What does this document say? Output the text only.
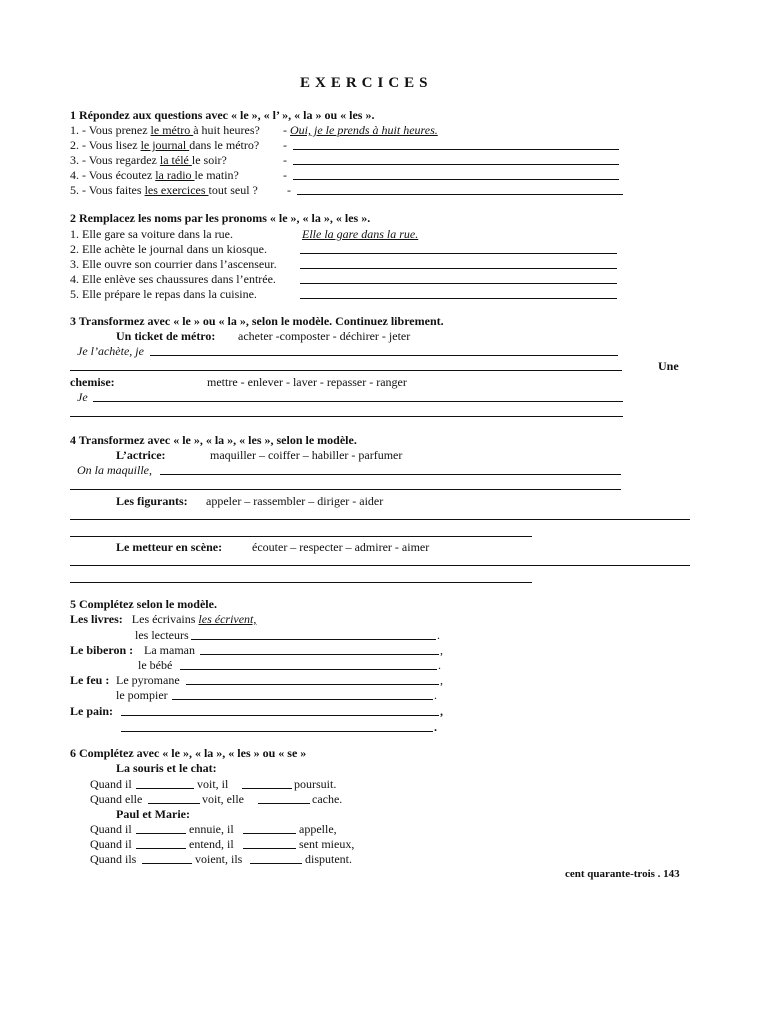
EXERCICES
1 Répondez aux questions avec « le », « l’ », « la » ou « les ».
1. - Vous prenez le métro à huit heures? - Oui, je le prends à huit heures.
2. - Vous lisez le journal dans le métro? -
3. - Vous regardez la télé le soir?	-
4. - Vous écoutez la radio le matin?	-
5. - Vous faites les exercices tout seul ? -
2 Remplacez les noms par les pronoms « le », « la », « les ».
1. Elle gare sa voiture dans la rue.	Elle la gare dans la rue.
2. Elle achète le journal dans un kiosque.
3. Elle ouvre son courrier dans l’ascenseur.
4. Elle enlève ses chaussures dans l’entrée.
5. Elle prépare le repas dans la cuisine.
3 Transformez avec « le » ou « la », selon le modèle. Continuez librement.
Un ticket de métro: acheter -composter - déchirer - jeter
Je l’achète, je
Une
chemise:	mettre - enlever - laver - repasser - ranger
Je
4 Transformez avec « le », « la », « les », selon le modèle.
L’actrice:	maquiller – coiffer – habiller - parfumer
On la maquille,
Les figurants: appeler – rassembler – diriger - aider
Le metteur en scène: écouter – respecter – admirer - aimer
5 Complétez selon le modèle.
Les livres: Les écrivains les écrivent,
les lecteurs	.
Le biberon : La maman	,
le bébé	.
Le feu : Le pyromane	,
le pompier	.
Le pain:	,
.
6 Complétez avec « le », « la », « les » ou « se »
La souris et le chat:
Quand il	voit, il	poursuit.
Quand elle	voit, elle	cache.
Paul et Marie:
Quand il	ennuie, il	appelle,
Quand il	entend, il	sent mieux,
Quand ils	voient, ils	disputent.
cent quarante-trois . 143
